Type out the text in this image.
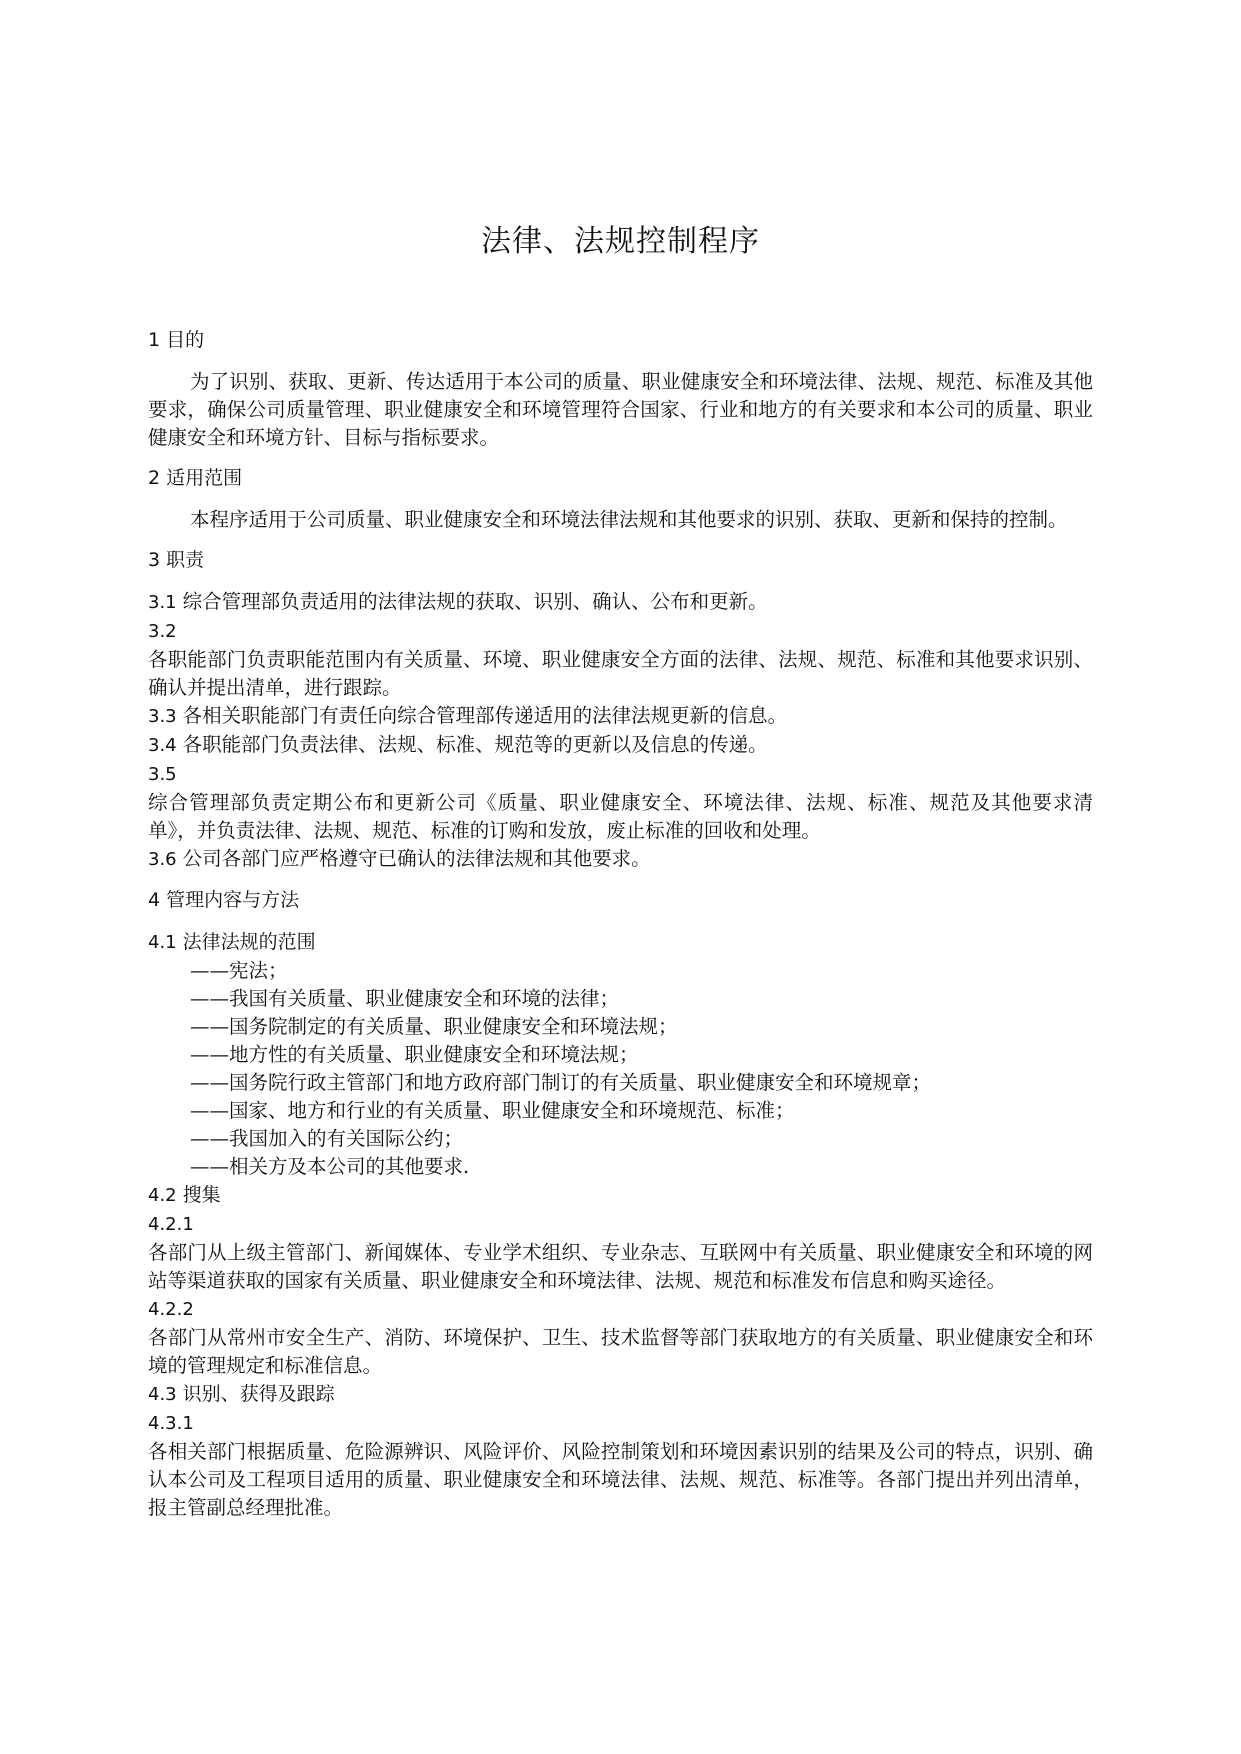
法律、法规控制程序
1 目的

为了识别、获取、更新、传达适用于本公司的质量、职业健康安全和环境法律、法规、规范、标准及其他要求，确保公司质量管理、职业健康安全和环境管理符合国家、行业和地方的有关要求和本公司的质量、职业健康安全和环境方针、目标与指标要求。

2 适用范围

本程序适用于公司质量、职业健康安全和环境法律法规和其他要求的识别、获取、更新和保持的控制。

3 职责

3.1 综合管理部负责适用的法律法规的获取、识别、确认、公布和更新。

3.2

各职能部门负责职能范围内有关质量、环境、职业健康安全方面的法律、法规、规范、标准和其他要求识别、确认并提出清单，进行跟踪。

3.3 各相关职能部门有责任向综合管理部传递适用的法律法规更新的信息。

3.4 各职能部门负责法律、法规、标准、规范等的更新以及信息的传递。

3.5

综合管理部负责定期公布和更新公司《质量、职业健康安全、环境法律、法规、标准、规范及其他要求清单》，并负责法律、法规、规范、标准的订购和发放，废止标准的回收和处理。

3.6 公司各部门应严格遵守已确认的法律法规和其他要求。

4 管理内容与方法
4.1 法律法规的范围

——宪法；

——我国有关质量、职业健康安全和环境的法律；

——国务院制定的有关质量、职业健康安全和环境法规；

——地方性的有关质量、职业健康安全和环境法规；

——国务院行政主管部门和地方政府部门制订的有关质量、职业健康安全和环境规章；

——国家、地方和行业的有关质量、职业健康安全和环境规范、标准；

——我国加入的有关国际公约；

——相关方及本公司的其他要求.

4.2 搜集

4.2.1

各部门从上级主管部门、新闻媒体、专业学术组织、专业杂志、互联网中有关质量、职业健康安全和环境的网站等渠道获取的国家有关质量、职业健康安全和环境法律、法规、规范和标准发布信息和购买途径。

4.2.2

各部门从常州市安全生产、消防、环境保护、卫生、技术监督等部门获取地方的有关质量、职业健康安全和环境的管理规定和标准信息。

4.3 识别、获得及跟踪

4.3.1

各相关部门根据质量、危险源辨识、风险评价、风险控制策划和环境因素识别的结果及公司的特点，识别、确认本公司及工程项目适用的质量、职业健康安全和环境法律、法规、规范、标准等。各部门提出并列出清单，报主管副总经理批准。
